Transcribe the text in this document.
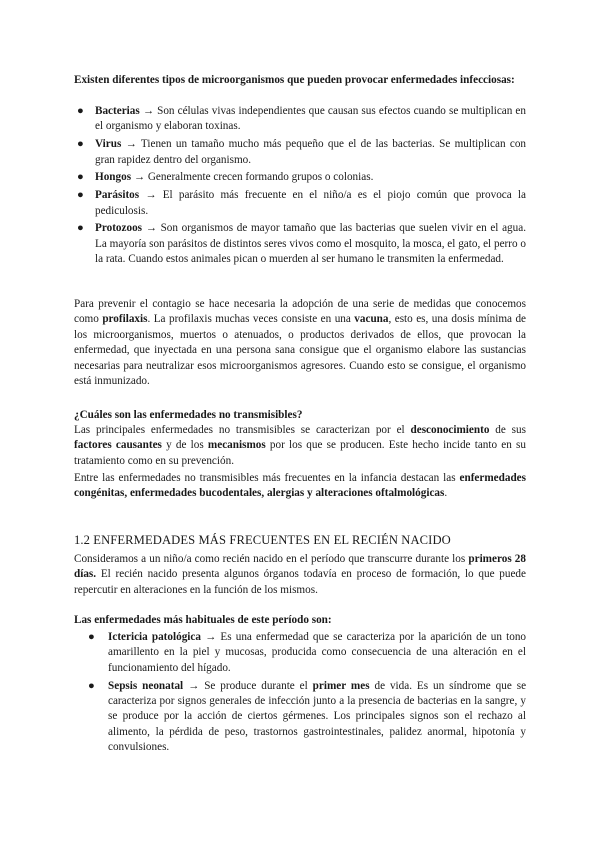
Existen diferentes tipos de microorganismos que pueden provocar enfermedades infecciosas:

● Bacterias → Son células vivas independientes que causan sus efectos cuando se multiplican en el organismo y elaboran toxinas.
● Virus → Tienen un tamaño mucho más pequeño que el de las bacterias. Se multiplican con gran rapidez dentro del organismo.
● Hongos → Generalmente crecen formando grupos o colonias.
● Parásitos → El parásito más frecuente en el niño/a es el piojo común que provoca la pediculosis.
● Protozoos → Son organismos de mayor tamaño que las bacterias que suelen vivir en el agua. La mayoría son parásitos de distintos seres vivos como el mosquito, la mosca, el gato, el perro o la rata. Cuando estos animales pican o muerden al ser humano le transmiten la enfermedad.

Para prevenir el contagio se hace necesaria la adopción de una serie de medidas que conocemos como profilaxis. La profilaxis muchas veces consiste en una vacuna, esto es, una dosis mínima de los microorganismos, muertos o atenuados, o productos derivados de ellos, que provocan la enfermedad, que inyectada en una persona sana consigue que el organismo elabore las sustancias necesarias para neutralizar esos microorganismos agresores. Cuando esto se consigue, el organismo está inmunizado.

¿Cuáles son las enfermedades no transmisibles?

Las principales enfermedades no transmisibles se caracterizan por el desconocimiento de sus factores causantes y de los mecanismos por los que se producen. Este hecho incide tanto en su tratamiento como en su prevención.

Entre las enfermedades no transmisibles más frecuentes en la infancia destacan las enfermedades congénitas, enfermedades bucodentales, alergias y alteraciones oftalmológicas.

1.2 ENFERMEDADES MÁS FRECUENTES EN EL RECIÉN NACIDO

Consideramos a un niño/a como recién nacido en el período que transcurre durante los primeros 28 días. El recién nacido presenta algunos órganos todavía en proceso de formación, lo que puede repercutir en alteraciones en la función de los mismos.

Las enfermedades más habituales de este período son:

● Ictericia patológica → Es una enfermedad que se caracteriza por la aparición de un tono amarillento en la piel y mucosas, producida como consecuencia de una alteración en el funcionamiento del hígado.
● Sepsis neonatal → Se produce durante el primer mes de vida. Es un síndrome que se caracteriza por signos generales de infección junto a la presencia de bacterias en la sangre, y se produce por la acción de ciertos gérmenes. Los principales signos son el rechazo al alimento, la pérdida de peso, trastornos gastrointestinales, palidez anormal, hipotonía y convulsiones.
